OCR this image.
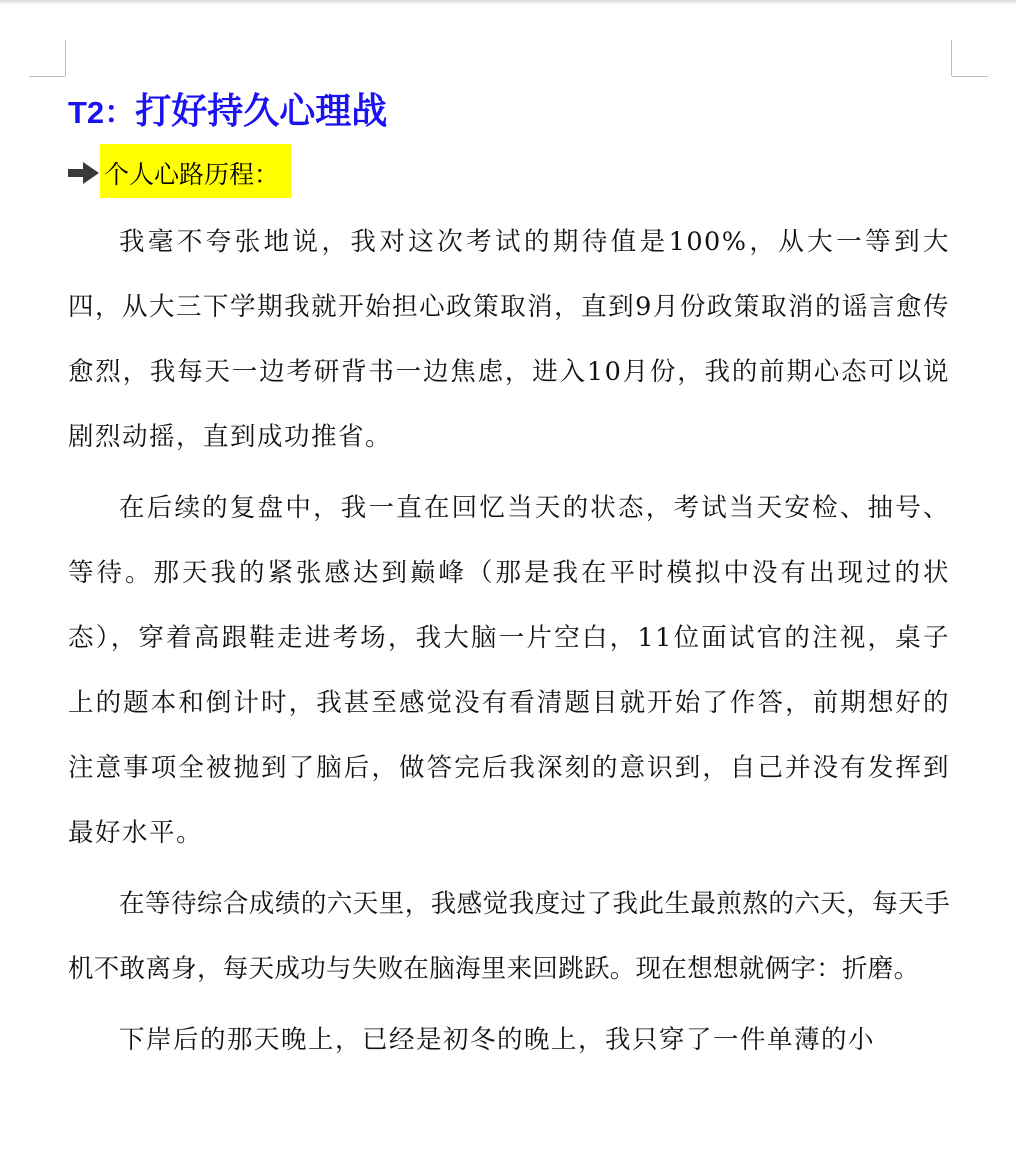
T2：打好持久心理战
个人心路历程：

我毫不夸张地说，我对这次考试的期待值是100%，从大一等到大四，从大三下学期我就开始担心政策取消，直到9月份政策取消的谣言愈传愈烈，我每天一边考研背书一边焦虑，进入10月份，我的前期心态可以说剧烈动摇，直到成功推省。

在后续的复盘中，我一直在回忆当天的状态，考试当天安检、抽号、等待。那天我的紧张感达到巅峰（那是我在平时模拟中没有出现过的状态），穿着高跟鞋走进考场，我大脑一片空白，11位面试官的注视，桌子上的题本和倒计时，我甚至感觉没有看清题目就开始了作答，前期想好的注意事项全被抛到了脑后，做答完后我深刻的意识到，自己并没有发挥到最好水平。

在等待综合成绩的六天里，我感觉我度过了我此生最煎熬的六天，每天手机不敢离身，每天成功与失败在脑海里来回跳跃。现在想想就俩字：折磨。

下岸后的那天晚上，已经是初冬的晚上，我只穿了一件单薄的小
